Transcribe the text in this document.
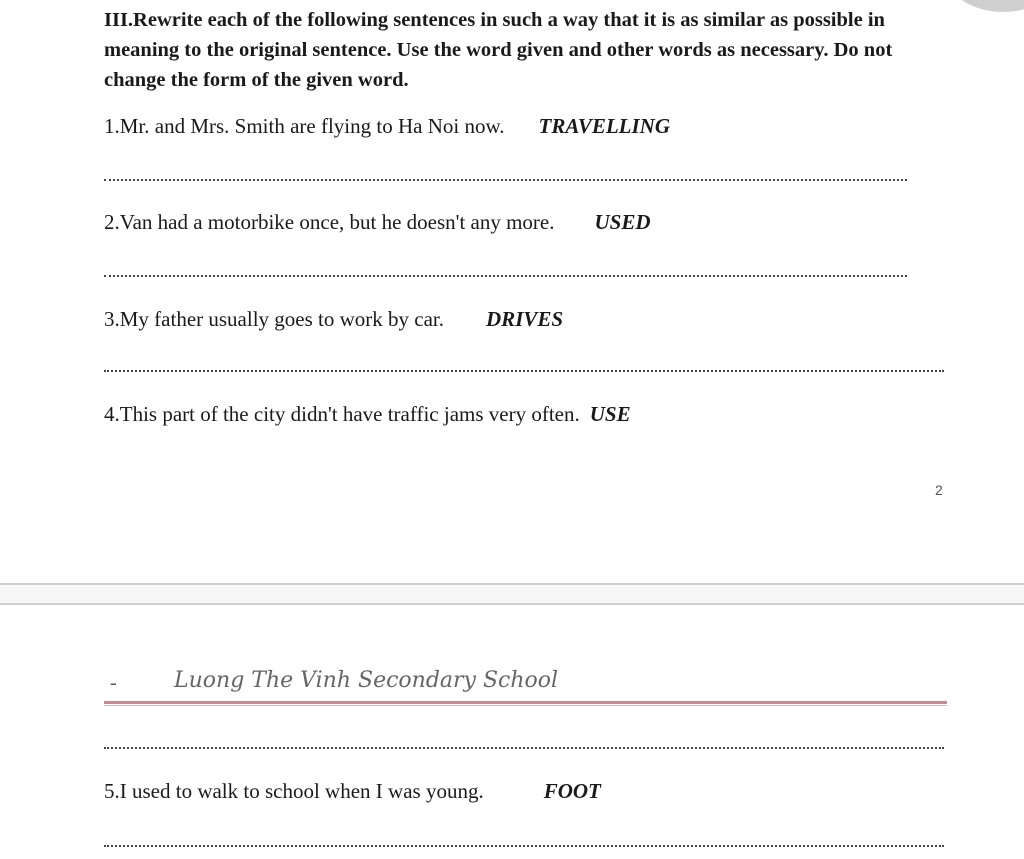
III.Rewrite each of the following sentences in such a way that it is as similar as possible in meaning to the original sentence. Use the word given and other words as necessary. Do not change the form of the given word.

1.Mr. and Mrs. Smith are flying to Ha Noi now. TRAVELLING

2.Van had a motorbike once, but he doesn't any more. USED

3.My father usually goes to work by car. DRIVES

4.This part of the city didn't have traffic jams very often. USE

2
-	Luong The Vinh Secondary School

5.I used to walk to school when I was young.	FOOT
